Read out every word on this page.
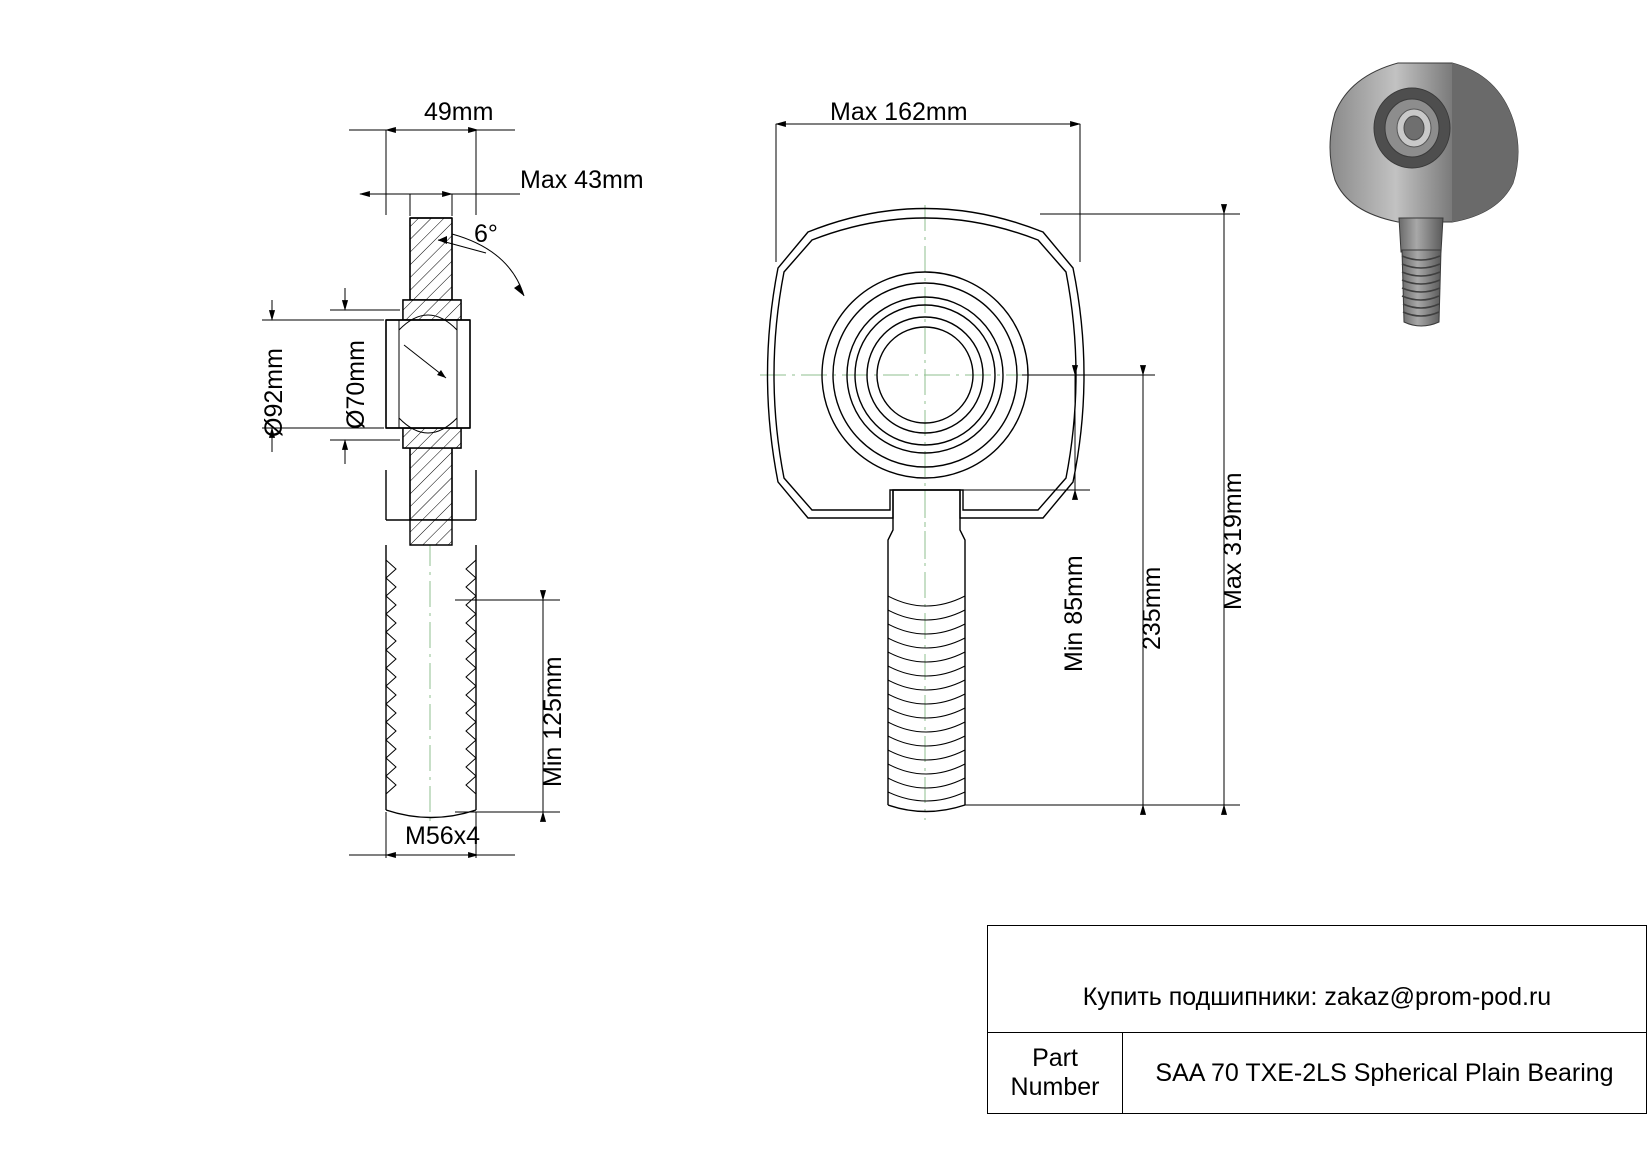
49mm
Max 43mm
6°
Ø92mm Ø70mm
Min 125mm
M56x4
Max 162mm
Min 85mm 235mm Max 319mm

Купить подшипники: zakaz@prom-pod.ru
Part
Number	SAA 70 TXE-2LS Spherical Plain Bearing
